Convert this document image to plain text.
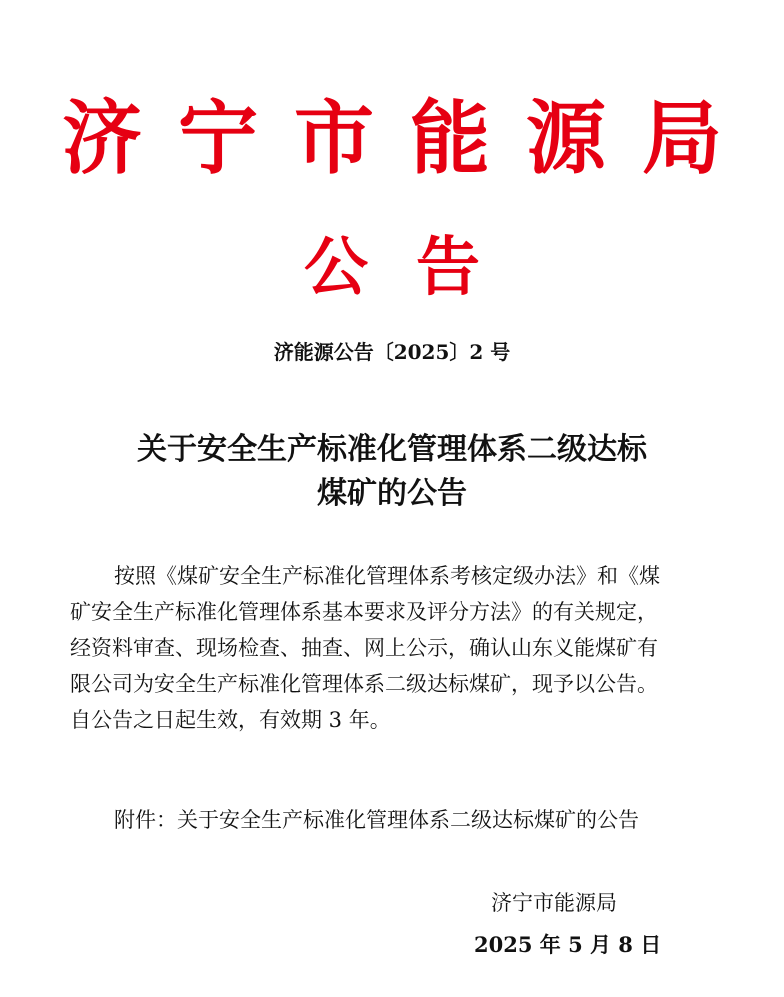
济宁市能源局
公告
济能源公告〔2025〕2 号
关于安全生产标准化管理体系二级达标
煤矿的公告
按照《煤矿安全生产标准化管理体系考核定级办法》和《煤
矿安全生产标准化管理体系基本要求及评分方法》的有关规定，
经资料审查、现场检查、抽查、网上公示，确认山东义能煤矿有
限公司为安全生产标准化管理体系二级达标煤矿，现予以公告。
自公告之日起生效，有效期 3 年。
附件：关于安全生产标准化管理体系二级达标煤矿的公告
济宁市能源局
2025 年 5 月 8 日
